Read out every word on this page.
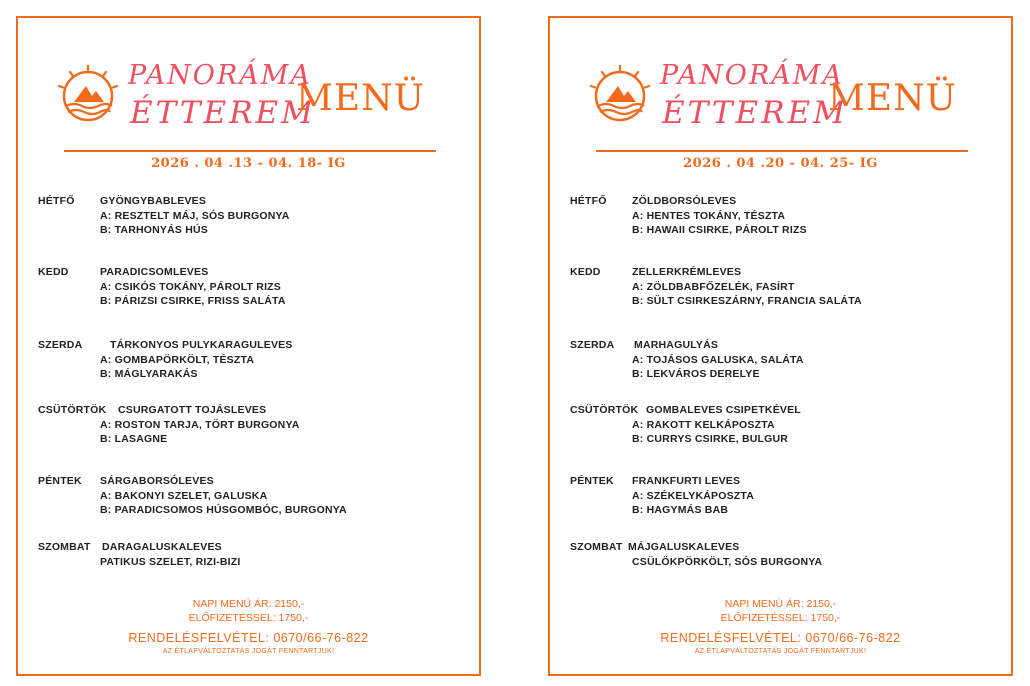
PANORÁMA
ÉTTEREM
MENÜ
2026 . 04 .13 - 04. 18- IG
HÉTFŐ GYÖNGYBABLEVES
A: RESZTELT MÁJ, SÓS BURGONYA
B: TARHONYÁS HÚS
KEDD	PARADICSOMLEVES
A: CSIKÓS TOKÁNY, PÁROLT RIZS
B: PÁRIZSI CSIRKE, FRISS SALÁTA
SZERDA	TÁRKONYOS PULYKARAGULEVES
A: GOMBAPÖRKÖLT, TÉSZTA
B: MÁGLYARAKÁS
CSÜTÖRTÖK CSURGATOTT TOJÁSLEVES
A: ROSTON TARJA, TÖRT BURGONYA
B: LASAGNE
PÉNTEK SÁRGABORSÓLEVES
A: BAKONYI SZELET, GALUSKA
B: PARADICSOMOS HÚSGOMBÓC, BURGONYA
SZOMBAT DARAGALUSKALEVES
PATIKUS SZELET, RIZI-BIZI
NAPI MENÜ ÁR: 2150,-
ELŐFIZETÉSSEL: 1750,-
RENDELÉSFELVÉTEL: 0670/66-76-822
AZ ÉTLAPVÁLTOZTATÁS JOGÁT FENNTARTJUK!
PANORÁMA
ÉTTEREM
MENÜ
2026 . 04 .20 - 04. 25- IG
HÉTFŐ ZÖLDBORSÓLEVES
A: HENTES TOKÁNY, TÉSZTA
B: HAWAII CSIRKE, PÁROLT RIZS
KEDD	ZELLERKRÉMLEVES
A: ZÖLDBABFŐZELÉK, FASÍRT
B: SÜLT CSIRKESZÁRNY, FRANCIA SALÁTA
SZERDA MARHAGULYÁS
A: TOJÁSOS GALUSKA, SALÁTA
B: LEKVÁROS DERELYE
CSÜTÖRTÖK GOMBALEVES CSIPETKÉVEL
A: RAKOTT KELKÁPOSZTA
B: CURRYS CSIRKE, BULGUR
PÉNTEK FRANKFURTI LEVES
A: SZÉKELYKÁPOSZTA
B: HAGYMÁS BAB
SZOMBAT MÁJGALUSKALEVES
CSÜLÖKPÖRKÖLT, SÓS BURGONYA
NAPI MENÜ ÁR: 2150,-
ELŐFIZETÉSSEL: 1750,-
RENDELÉSFELVÉTEL: 0670/66-76-822
AZ ÉTLAPVÁLTOZTATÁS JOGÁT FENNTARTJUK!
